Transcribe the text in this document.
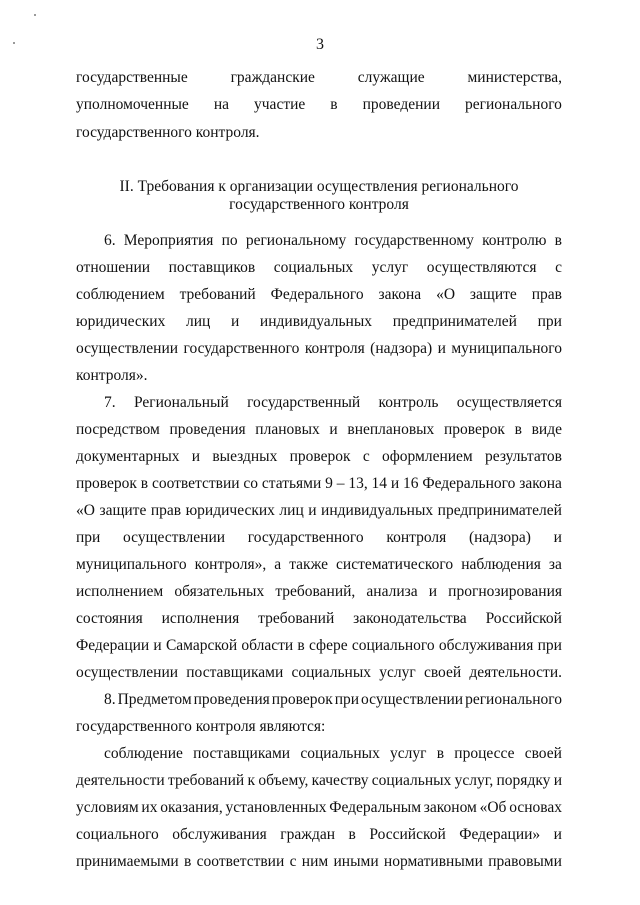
3
государственные	гражданские	служащие	министерства,
уполномоченные на участие в проведении регионального
государственного контроля.
II. Требования к организации осуществления регионального
государственного контроля
6. Мероприятия по региональному государственному контролю в
отношении поставщиков социальных услуг осуществляются с
соблюдением требований Федерального закона «О защите прав
юридических лиц и индивидуальных предпринимателей при
осуществлении государственного контроля (надзора) и муниципального
контроля».
7. Региональный государственный контроль осуществляется
посредством проведения плановых и внеплановых проверок в виде
документарных и выездных проверок с оформлением результатов
проверок в соответствии со статьями 9 – 13, 14 и 16 Федерального закона
«О защите прав юридических лиц и индивидуальных предпринимателей
при осуществлении государственного контроля (надзора) и
муниципального контроля», а также систематического наблюдения за
исполнением обязательных требований, анализа и прогнозирования
состояния исполнения требований законодательства Российской
Федерации и Самарской области в сфере социального обслуживания при
осуществлении поставщиками социальных услуг своей деятельности.
8. Предметом проведения проверок при осуществлении регионального
государственного контроля являются:
соблюдение поставщиками социальных услуг в процессе своей
деятельности требований к объему, качеству социальных услуг, порядку и
условиям их оказания, установленных Федеральным законом «Об основах
социального обслуживания граждан в Российской Федерации» и
принимаемыми в соответствии с ним иными нормативными правовыми
